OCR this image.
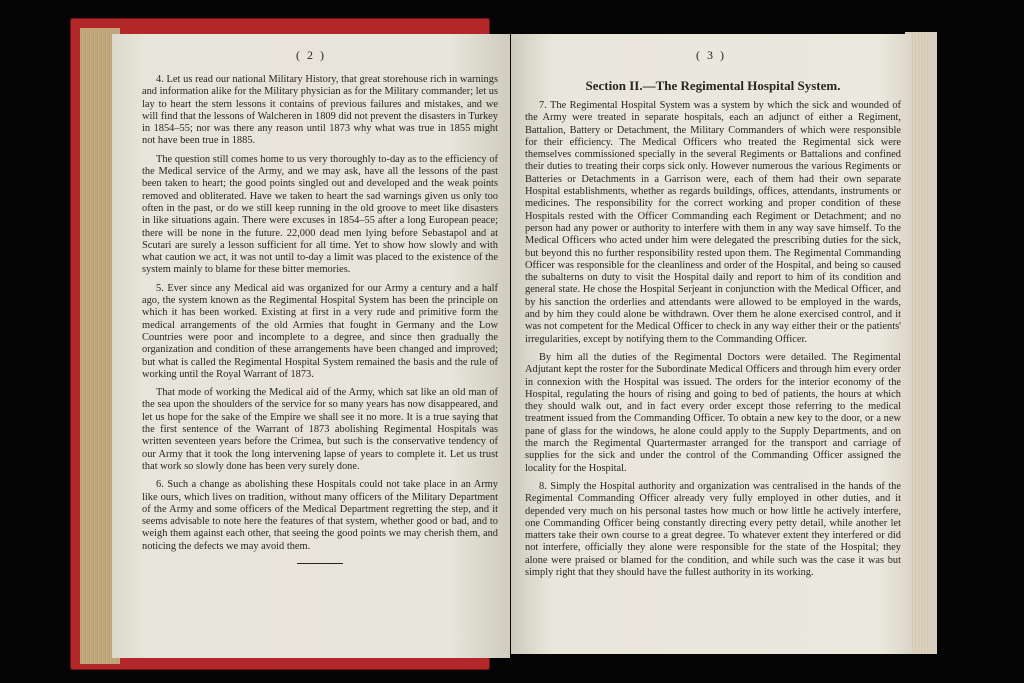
( 2 )

4. Let us read our national Military History, that great storehouse rich in warnings and information alike for the Military physician as for the Military commander; let us lay to heart the stern lessons it contains of previous failures and mistakes, and we will find that the lessons of Walcheren in 1809 did not prevent the disasters in Turkey in 1854–55; nor was there any reason until 1873 why what was true in 1855 might not have been true in 1885.

The question still comes home to us very thoroughly to-day as to the efficiency of the Medical service of the Army, and we may ask, have all the lessons of the past been taken to heart; the good points singled out and developed and the weak points removed and obliterated. Have we taken to heart the sad warnings given us only too often in the past, or do we still keep running in the old groove to meet like disasters in like situations again. There were excuses in 1854–55 after a long European peace; there will be none in the future. 22,000 dead men lying before Sebastapol and at Scutari are surely a lesson sufficient for all time. Yet to show how slowly and with what caution we act, it was not until to-day a limit was placed to the existence of the system mainly to blame for these bitter memories.

5. Ever since any Medical aid was organized for our Army a century and a half ago, the system known as the Regimental Hospital System has been the principle on which it has been worked. Existing at first in a very rude and primitive form the medical arrangements of the old Armies that fought in Germany and the Low Countries were poor and incomplete to a degree, and since then gradually the organization and condition of these arrangements have been changed and improved; but what is called the Regimental Hospital System remained the basis and the rule of working until the Royal Warrant of 1873.

That mode of working the Medical aid of the Army, which sat like an old man of the sea upon the shoulders of the service for so many years has now disappeared, and let us hope for the sake of the Empire we shall see it no more. It is a true saying that the first sentence of the Warrant of 1873 abolishing Regimental Hospitals was written seventeen years before the Crimea, but such is the conservative tendency of our Army that it took the long intervening lapse of years to complete it. Let us trust that work so slowly done has been very surely done.

6. Such a change as abolishing these Hospitals could not take place in an Army like ours, which lives on tradition, without many officers of the Military Department of the Army and some officers of the Medical Department regretting the step, and it seems advisable to note here the features of that system, whether good or bad, and to weigh them against each other, that seeing the good points we may cherish them, and noticing the defects we may avoid them.

( 3 )
Section II.—The Regimental Hospital System.

7. The Regimental Hospital System was a system by which the sick and wounded of the Army were treated in separate hospitals, each an adjunct of either a Regiment, Battalion, Battery or Detachment, the Military Commanders of which were responsible for their efficiency. The Medical Officers who treated the Regimental sick were themselves commissioned specially in the several Regiments or Battalions and confined their duties to treating their corps sick only. However numerous the various Regiments or Batteries or Detachments in a Garrison were, each of them had their own separate Hospital establishments, whether as regards buildings, offices, attendants, instruments or medicines. The responsibility for the correct working and proper condition of these Hospitals rested with the Officer Commanding each Regiment or Detachment; and no person had any power or authority to interfere with them in any way save himself. To the Medical Officers who acted under him were delegated the prescribing duties for the sick, but beyond this no further responsibility rested upon them. The Regimental Commanding Officer was responsible for the cleanliness and order of the Hospital, and being so caused the subalterns on duty to visit the Hospital daily and report to him of its condition and general state. He chose the Hospital Serjeant in conjunction with the Medical Officer, and by his sanction the orderlies and attendants were allowed to be employed in the wards, and by him they could alone be withdrawn. Over them he alone exercised control, and it was not competent for the Medical Officer to check in any way either their or the patients' irregularities, except by notifying them to the Commanding Officer.

By him all the duties of the Regimental Doctors were detailed. The Regimental Adjutant kept the roster for the Subordinate Medical Officers and through him every order in connexion with the Hospital was issued. The orders for the interior economy of the Hospital, regulating the hours of rising and going to bed of patients, the hours at which they should walk out, and in fact every order except those referring to the medical treatment issued from the Commanding Officer. To obtain a new key to the door, or a new pane of glass for the windows, he alone could apply to the Supply Departments, and on the march the Regimental Quartermaster arranged for the transport and carriage of supplies for the sick and under the control of the Commanding Officer assigned the locality for the Hospital.

8. Simply the Hospital authority and organization was centralised in the hands of the Regimental Commanding Officer already very fully employed in other duties, and it depended very much on his personal tastes how much or how little he actively interfere, one Commanding Officer being constantly directing every petty detail, while another let matters take their own course to a great degree. To whatever extent they interfered or did not interfere, officially they alone were responsible for the state of the Hospital; they alone were praised or blamed for the condition, and while such was the case it was but simply right that they should have the fullest authority in its working.
